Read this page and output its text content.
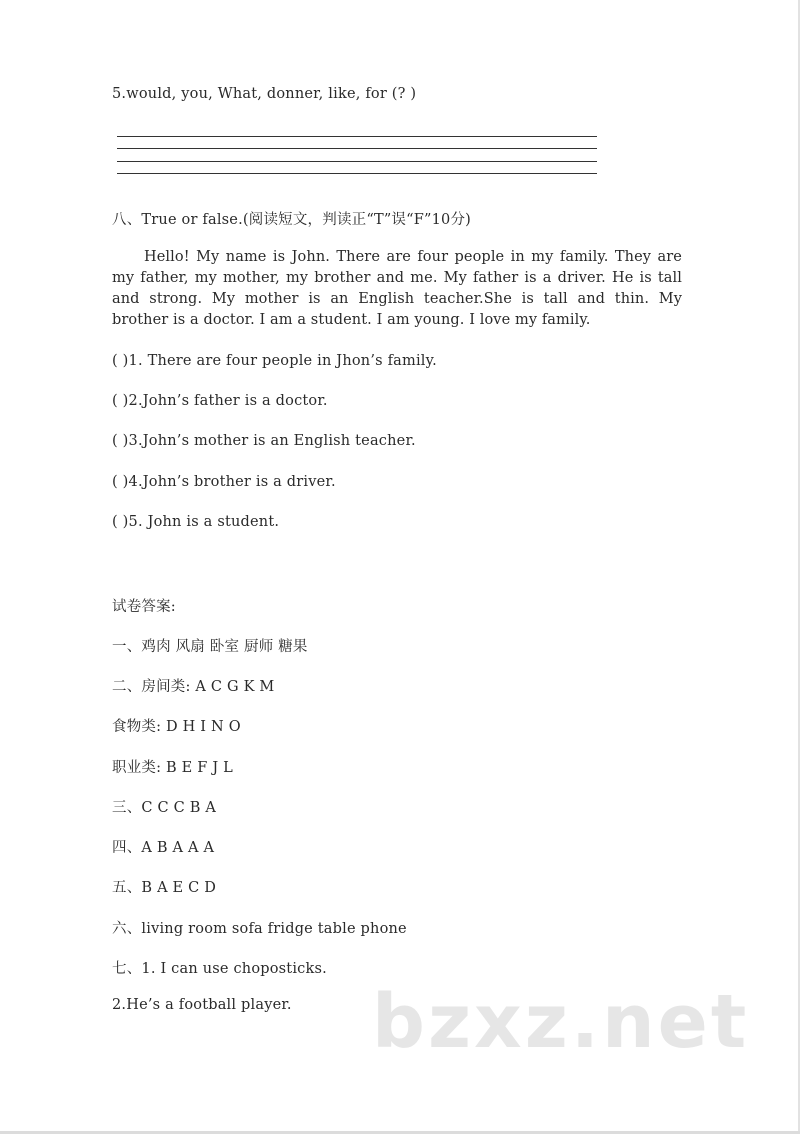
5.would, you, What, donner, like, for (? )
八、True or false.(阅读短文，判读正“T”误“F”10分)
Hello! My name is John. There are four people in my family. They are my father, my mother, my brother and me. My father is a driver. He is tall and strong. My mother is an English teacher.She is tall and thin. My brother is a doctor. I am a student. I am young. I love my family.
( )1. There are four people in Jhon’s family.
( )2.John’s father is a doctor.
( )3.John’s mother is an English teacher.
( )4.John’s brother is a driver.
( )5. John is a student.
试卷答案:
一、鸡肉 风扇 卧室 厨师 糖果
二、房间类: A C G K M
食物类: D H I N O
职业类: B E F J L
三、C C C B A
四、A B A A A
五、B A E C D
六、living room sofa fridge table phone
七、1. I can use choposticks.
2.He’s a football player. bzxz.net
